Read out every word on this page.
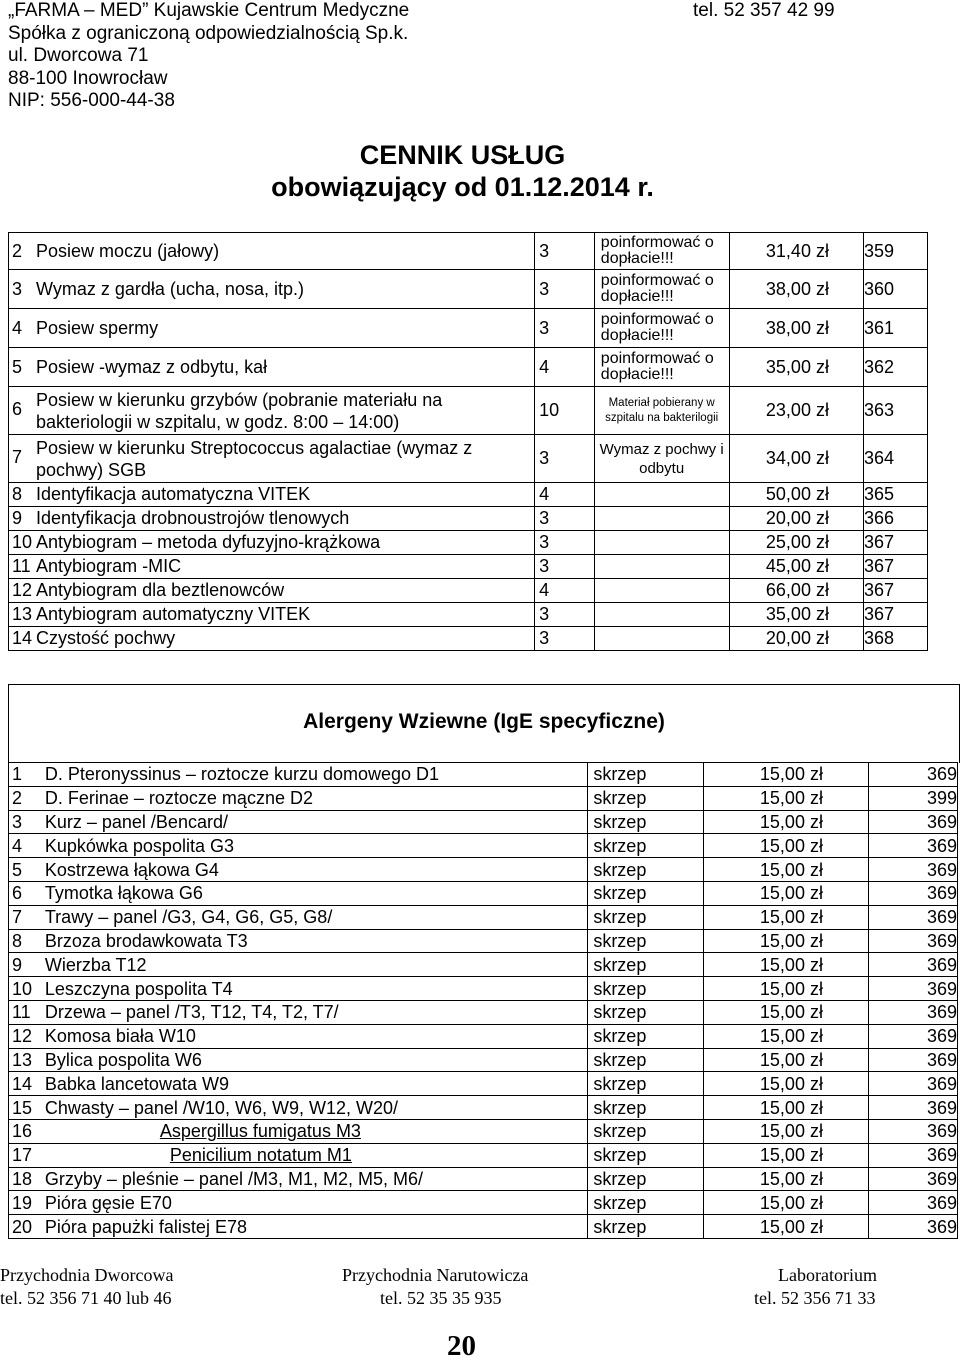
„FARMA – MED” Kujawskie Centrum Medyczne
Spółka z ograniczoną odpowiedzialnością Sp.k.
ul. Dworcowa 71
88-100 Inowrocław
NIP: 556-000-44-38
tel. 52 357 42 99
CENNIK USŁUG
obowiązujący od 01.12.2014 r.
2	Posiew moczu (jałowy)	3	poinformować o dopłacie!!!	31,40 zł	359
3	Wymaz z gardła (ucha, nosa, itp.)	3	poinformować o dopłacie!!!	38,00 zł	360
4	Posiew spermy	3	poinformować o dopłacie!!!	38,00 zł	361
5	Posiew -wymaz z odbytu, kał	4	poinformować o dopłacie!!!	35,00 zł	362
6	Posiew w kierunku grzybów (pobranie materiału na bakteriologii w szpitalu, w godz. 8:00 – 14:00)	10	Materiał pobierany w szpitalu na bakterilogii	23,00 zł	363
7	Posiew w kierunku Streptococcus agalactiae (wymaz z pochwy) SGB	3	Wymaz z pochwy i odbytu	34,00 zł	364
8	Identyfikacja automatyczna VITEK	4		50,00 zł	365
9	Identyfikacja drobnoustrojów tlenowych	3		20,00 zł	366
10	Antybiogram – metoda dyfuzyjno-krążkowa	3		25,00 zł	367
11	Antybiogram -MIC	3		45,00 zł	367
12	Antybiogram dla beztlenowców	4		66,00 zł	367
13	Antybiogram automatyczny VITEK	3		35,00 zł	367
14	Czystość pochwy	3		20,00 zł	368
Alergeny Wziewne (IgE specyficzne)
1	D. Pteronyssinus – roztocze kurzu domowego D1	skrzep	15,00 zł	369
2	D. Ferinae – roztocze mączne D2	skrzep	15,00 zł	399
3	Kurz – panel /Bencard/	skrzep	15,00 zł	369
4	Kupkówka pospolita G3	skrzep	15,00 zł	369
5	Kostrzewa łąkowa G4	skrzep	15,00 zł	369
6	Tymotka łąkowa G6	skrzep	15,00 zł	369
7	Trawy – panel /G3, G4, G6, G5, G8/	skrzep	15,00 zł	369
8	Brzoza brodawkowata T3	skrzep	15,00 zł	369
9	Wierzba T12	skrzep	15,00 zł	369
10	Leszczyna pospolita T4	skrzep	15,00 zł	369
11	Drzewa – panel /T3, T12, T4, T2, T7/	skrzep	15,00 zł	369
12	Komosa biała W10	skrzep	15,00 zł	369
13	Bylica pospolita W6	skrzep	15,00 zł	369
14	Babka lancetowata W9	skrzep	15,00 zł	369
15	Chwasty – panel /W10, W6, W9, W12, W20/	skrzep	15,00 zł	369
16	Aspergillus fumigatus M3	skrzep	15,00 zł	369
17	Penicilium notatum M1	skrzep	15,00 zł	369
18	Grzyby – pleśnie – panel /M3, M1, M2, M5, M6/	skrzep	15,00 zł	369
19	Pióra gęsie E70	skrzep	15,00 zł	369
20	Pióra papużki falistej E78	skrzep	15,00 zł	369
Przychodnia Dworcowa
tel. 52 356 71 40 lub 46
Przychodnia Narutowicza
tel. 52 35 35 935
Laboratorium
tel. 52 356 71 33
20
